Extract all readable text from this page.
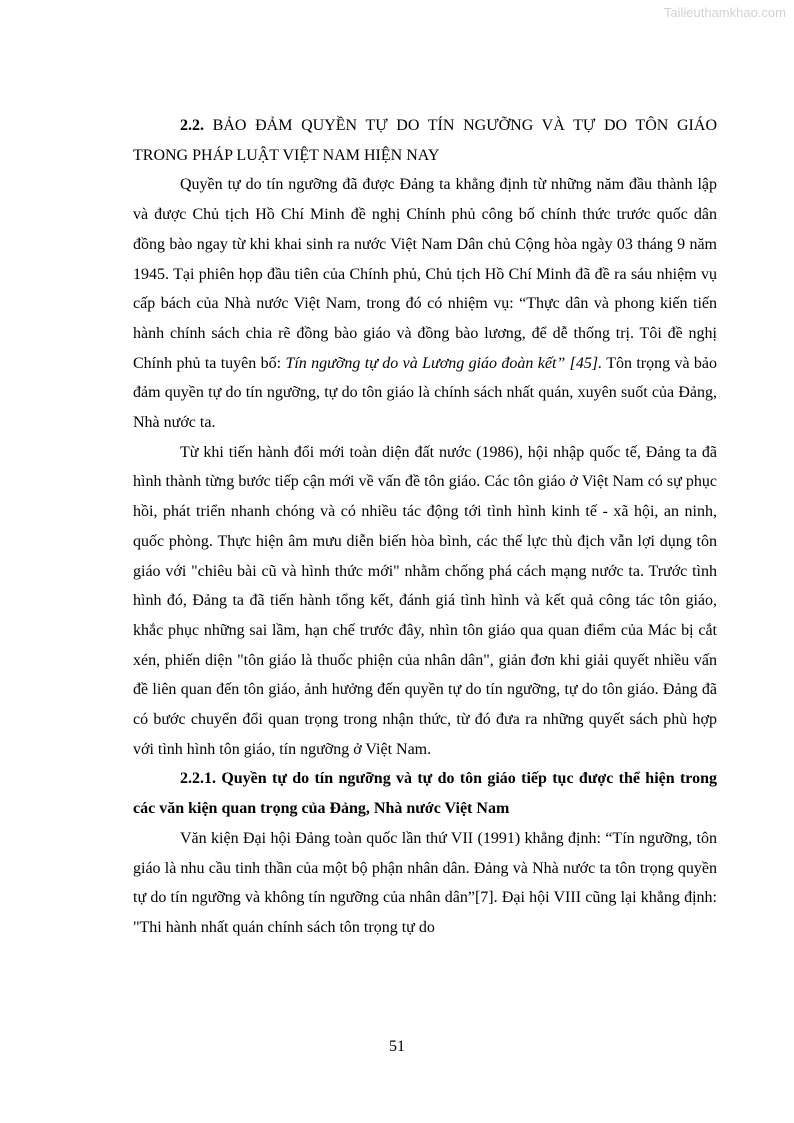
Tailieuthamkhao.com

2.2. BẢO ĐẢM QUYỀN TỰ DO TÍN NGƯỠNG VÀ TỰ DO TÔN GIÁO TRONG PHÁP LUẬT VIỆT NAM HIỆN NAY

Quyền tự do tín ngưỡng đã được Đảng ta khẳng định từ những năm đầu thành lập và được Chủ tịch Hồ Chí Minh đề nghị Chính phủ công bố chính thức trước quốc dân đồng bào ngay từ khi khai sinh ra nước Việt Nam Dân chủ Cộng hòa ngày 03 tháng 9 năm 1945. Tại phiên họp đầu tiên của Chính phủ, Chủ tịch Hồ Chí Minh đã đề ra sáu nhiệm vụ cấp bách của Nhà nước Việt Nam, trong đó có nhiệm vụ: “Thực dân và phong kiến tiến hành chính sách chia rẽ đồng bào giáo và đồng bào lương, để dễ thống trị. Tôi đề nghị Chính phủ ta tuyên bố: Tín ngưỡng tự do và Lương giáo đoàn kết” [45]. Tôn trọng và bảo đảm quyền tự do tín ngưỡng, tự do tôn giáo là chính sách nhất quán, xuyên suốt của Đảng, Nhà nước ta.

Từ khi tiến hành đổi mới toàn diện đất nước (1986), hội nhập quốc tế, Đảng ta đã hình thành từng bước tiếp cận mới về vấn đề tôn giáo. Các tôn giáo ở Việt Nam có sự phục hồi, phát triển nhanh chóng và có nhiều tác động tới tình hình kinh tế - xã hội, an ninh, quốc phòng. Thực hiện âm mưu diễn biến hòa bình, các thế lực thù địch vẫn lợi dụng tôn giáo với "chiêu bài cũ và hình thức mới" nhằm chống phá cách mạng nước ta. Trước tình hình đó, Đảng ta đã tiến hành tổng kết, đánh giá tình hình và kết quả công tác tôn giáo, khắc phục những sai lầm, hạn chế trước đây, nhìn tôn giáo qua quan điểm của Mác bị cắt xén, phiến diện "tôn giáo là thuốc phiện của nhân dân", giản đơn khi giải quyết nhiều vấn đề liên quan đến tôn giáo, ảnh hưởng đến quyền tự do tín ngưỡng, tự do tôn giáo. Đảng đã có bước chuyển đổi quan trọng trong nhận thức, từ đó đưa ra những quyết sách phù hợp với tình hình tôn giáo, tín ngưỡng ở Việt Nam.

2.2.1. Quyền tự do tín ngưỡng và tự do tôn giáo tiếp tục được thể hiện trong các văn kiện quan trọng của Đảng, Nhà nước Việt Nam

Văn kiện Đại hội Đảng toàn quốc lần thứ VII (1991) khẳng định: “Tín ngưỡng, tôn giáo là nhu cầu tinh thần của một bộ phận nhân dân. Đảng và Nhà nước ta tôn trọng quyền tự do tín ngưỡng và không tín ngưỡng của nhân dân”[7]. Đại hội VIII cũng lại khẳng định: "Thi hành nhất quán chính sách tôn trọng tự do

51
